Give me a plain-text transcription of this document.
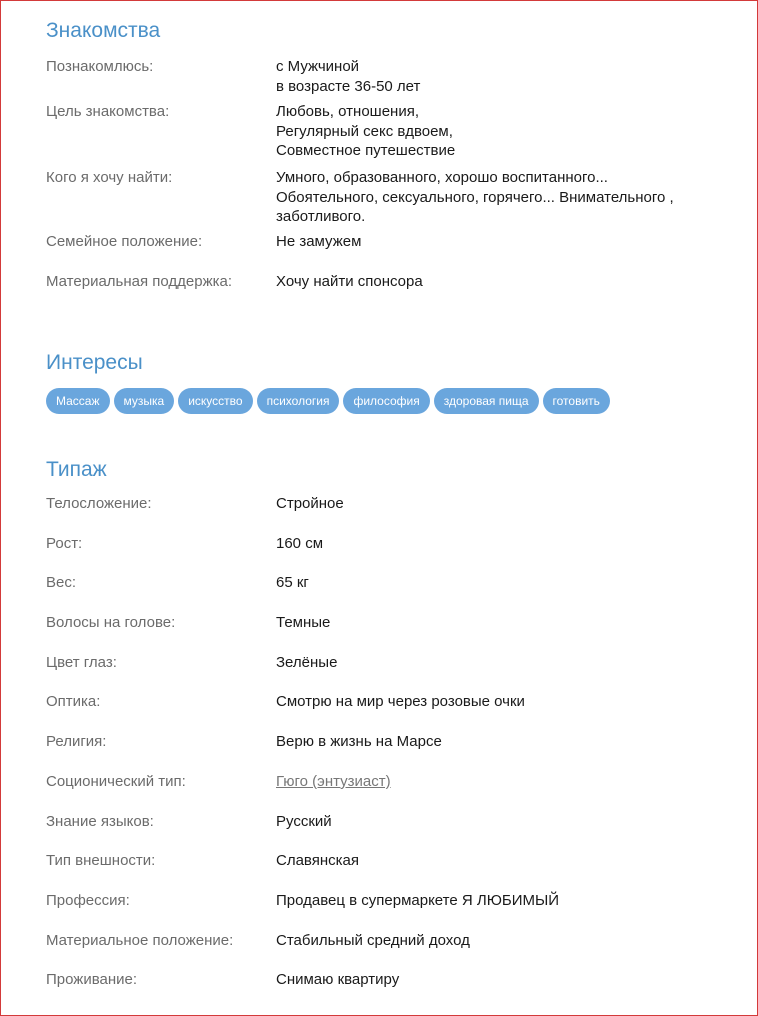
Знакомства
Познакомлюсь:	с Мужчиной
в возрасте 36-50 лет
Цель знакомства:	Любовь, отношения,
Регулярный секс вдвоем,
Совместное путешествие
Кого я хочу найти:	Умного, образованного, хорошо воспитанного...
Обоятельного, сексуального, горячего... Внимательного ,
заботливого.
Семейное положение:	Не замужем
Материальная поддержка:	Хочу найти спонсора
Интересы
Массаж	музыка	искусство	психология	философия	здоровая пища	готовить
Типаж
Телосложение:	Стройное
Рост:	160 см
Вес:	65 кг
Волосы на голове:	Темные
Цвет глаз:	Зелёные
Оптика:	Смотрю на мир через розовые очки
Религия:	Верю в жизнь на Марсе
Соционический тип:	Гюго (энтузиаст)
Знание языков:	Русский
Тип внешности:	Славянская
Профессия:	Продавец в супермаркете Я ЛЮБИМЫЙ
Материальное положение:	Стабильный средний доход
Проживание:	Снимаю квартиру
